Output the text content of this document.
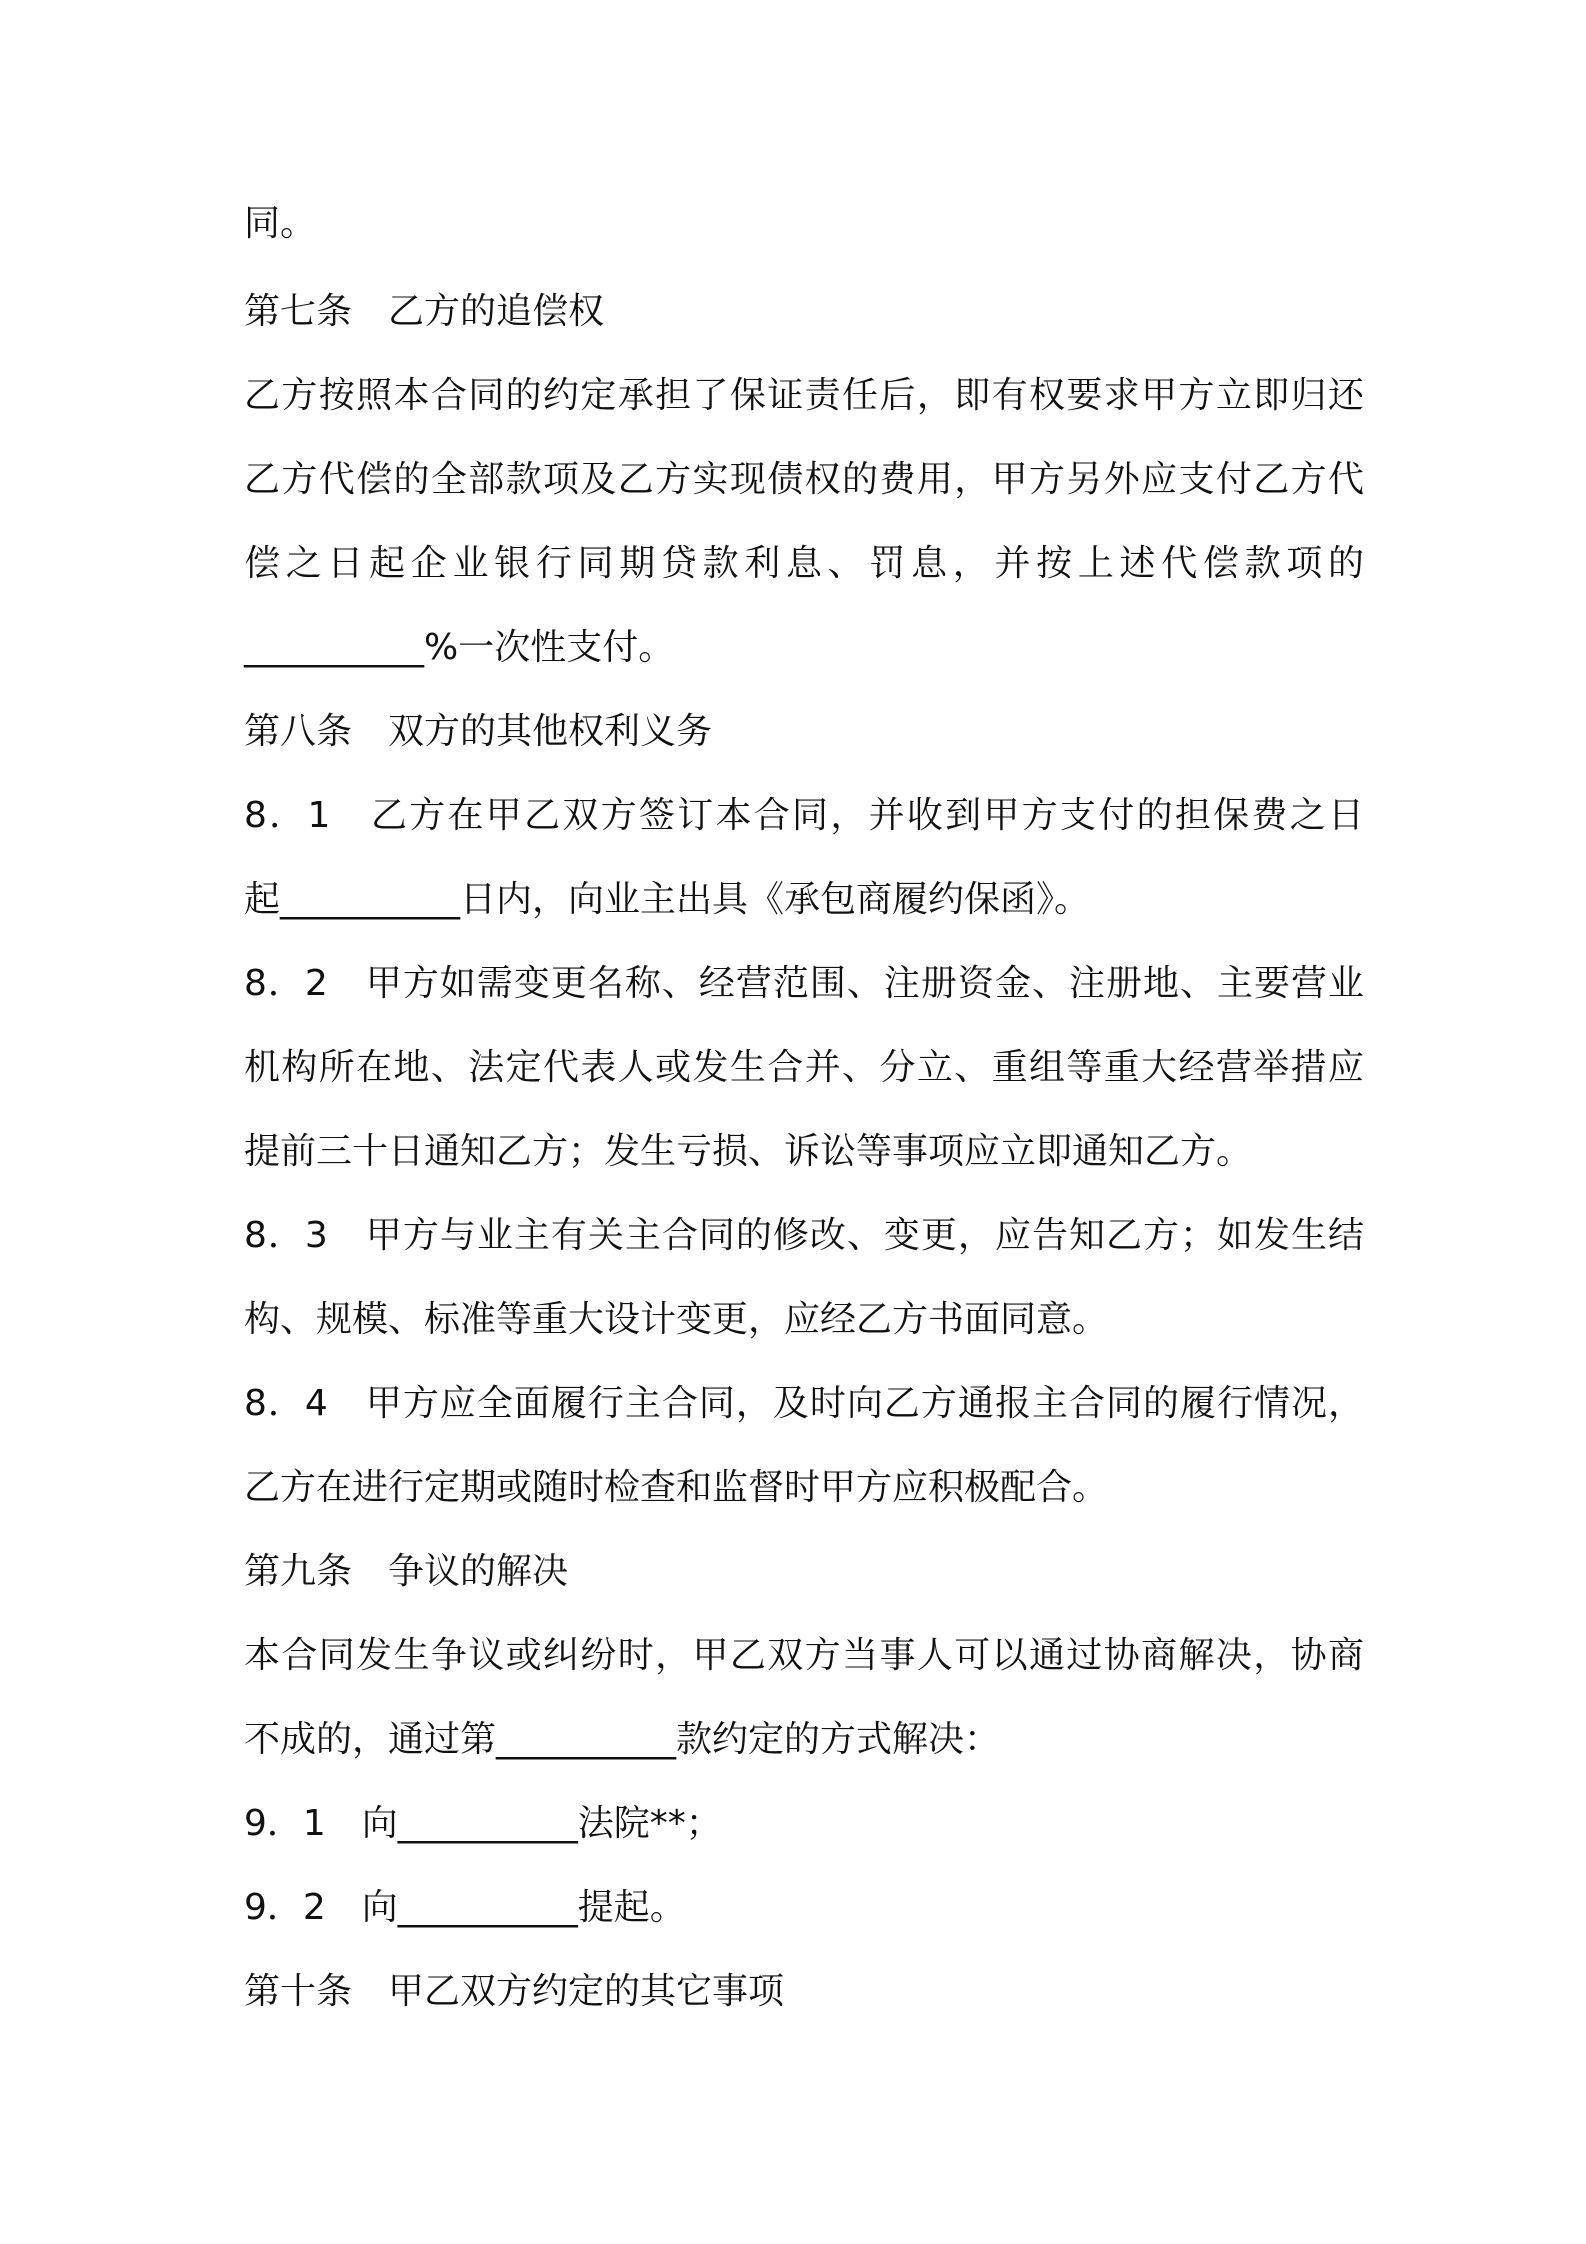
同。
第七条　乙方的追偿权
乙方按照本合同的约定承担了保证责任后，即有权要求甲方立即归还
乙方代偿的全部款项及乙方实现债权的费用，甲方另外应支付乙方代
偿之日起企业银行同期贷款利息、罚息，并按上述代偿款项的
__________%一次性支付。
第八条　双方的其他权利义务
8．1　乙方在甲乙双方签订本合同，并收到甲方支付的担保费之日
起__________日内，向业主出具《承包商履约保函》。
8．2　甲方如需变更名称、经营范围、注册资金、注册地、主要营业
机构所在地、法定代表人或发生合并、分立、重组等重大经营举措应
提前三十日通知乙方；发生亏损、诉讼等事项应立即通知乙方。
8．3　甲方与业主有关主合同的修改、变更，应告知乙方；如发生结
构、规模、标准等重大设计变更，应经乙方书面同意。
8．4　甲方应全面履行主合同，及时向乙方通报主合同的履行情况，
乙方在进行定期或随时检查和监督时甲方应积极配合。
第九条　争议的解决
本合同发生争议或纠纷时，甲乙双方当事人可以通过协商解决，协商
不成的，通过第__________款约定的方式解决：
9．1　向__________法院**；
9．2　向__________提起。
第十条　甲乙双方约定的其它事项
